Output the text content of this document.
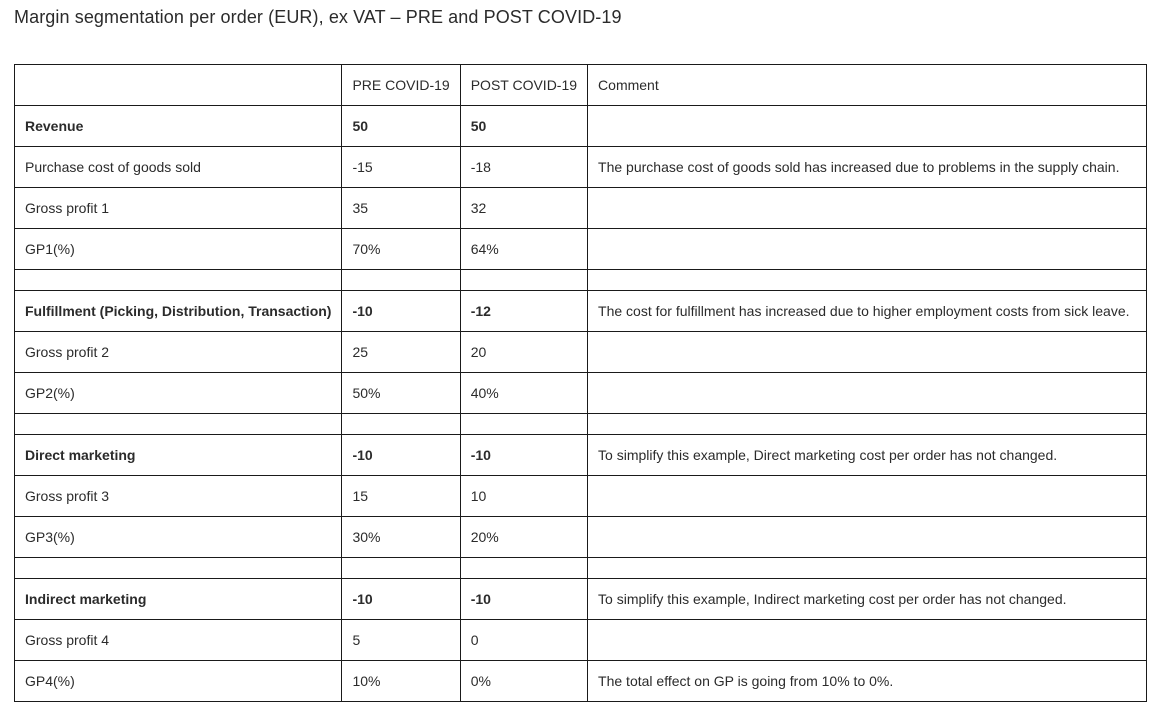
Margin segmentation per order (EUR), ex VAT – PRE and POST COVID-19
	PRE COVID-19	POST COVID-19	Comment
Revenue	50	50	
Purchase cost of goods sold	-15	-18	The purchase cost of goods sold has increased due to problems in the supply chain.
Gross profit 1	35	32	
GP1(%)	70%	64%	

Fulfillment (Picking, Distribution, Transaction)	-10	-12	The cost for fulfillment has increased due to higher employment costs from sick leave.
Gross profit 2	25	20	
GP2(%)	50%	40%	

Direct marketing	-10	-10	To simplify this example, Direct marketing cost per order has not changed.
Gross profit 3	15	10	
GP3(%)	30%	20%	

Indirect marketing	-10	-10	To simplify this example, Indirect marketing cost per order has not changed.
Gross profit 4	5	0	
GP4(%)	10%	0%	The total effect on GP is going from 10% to 0%.
